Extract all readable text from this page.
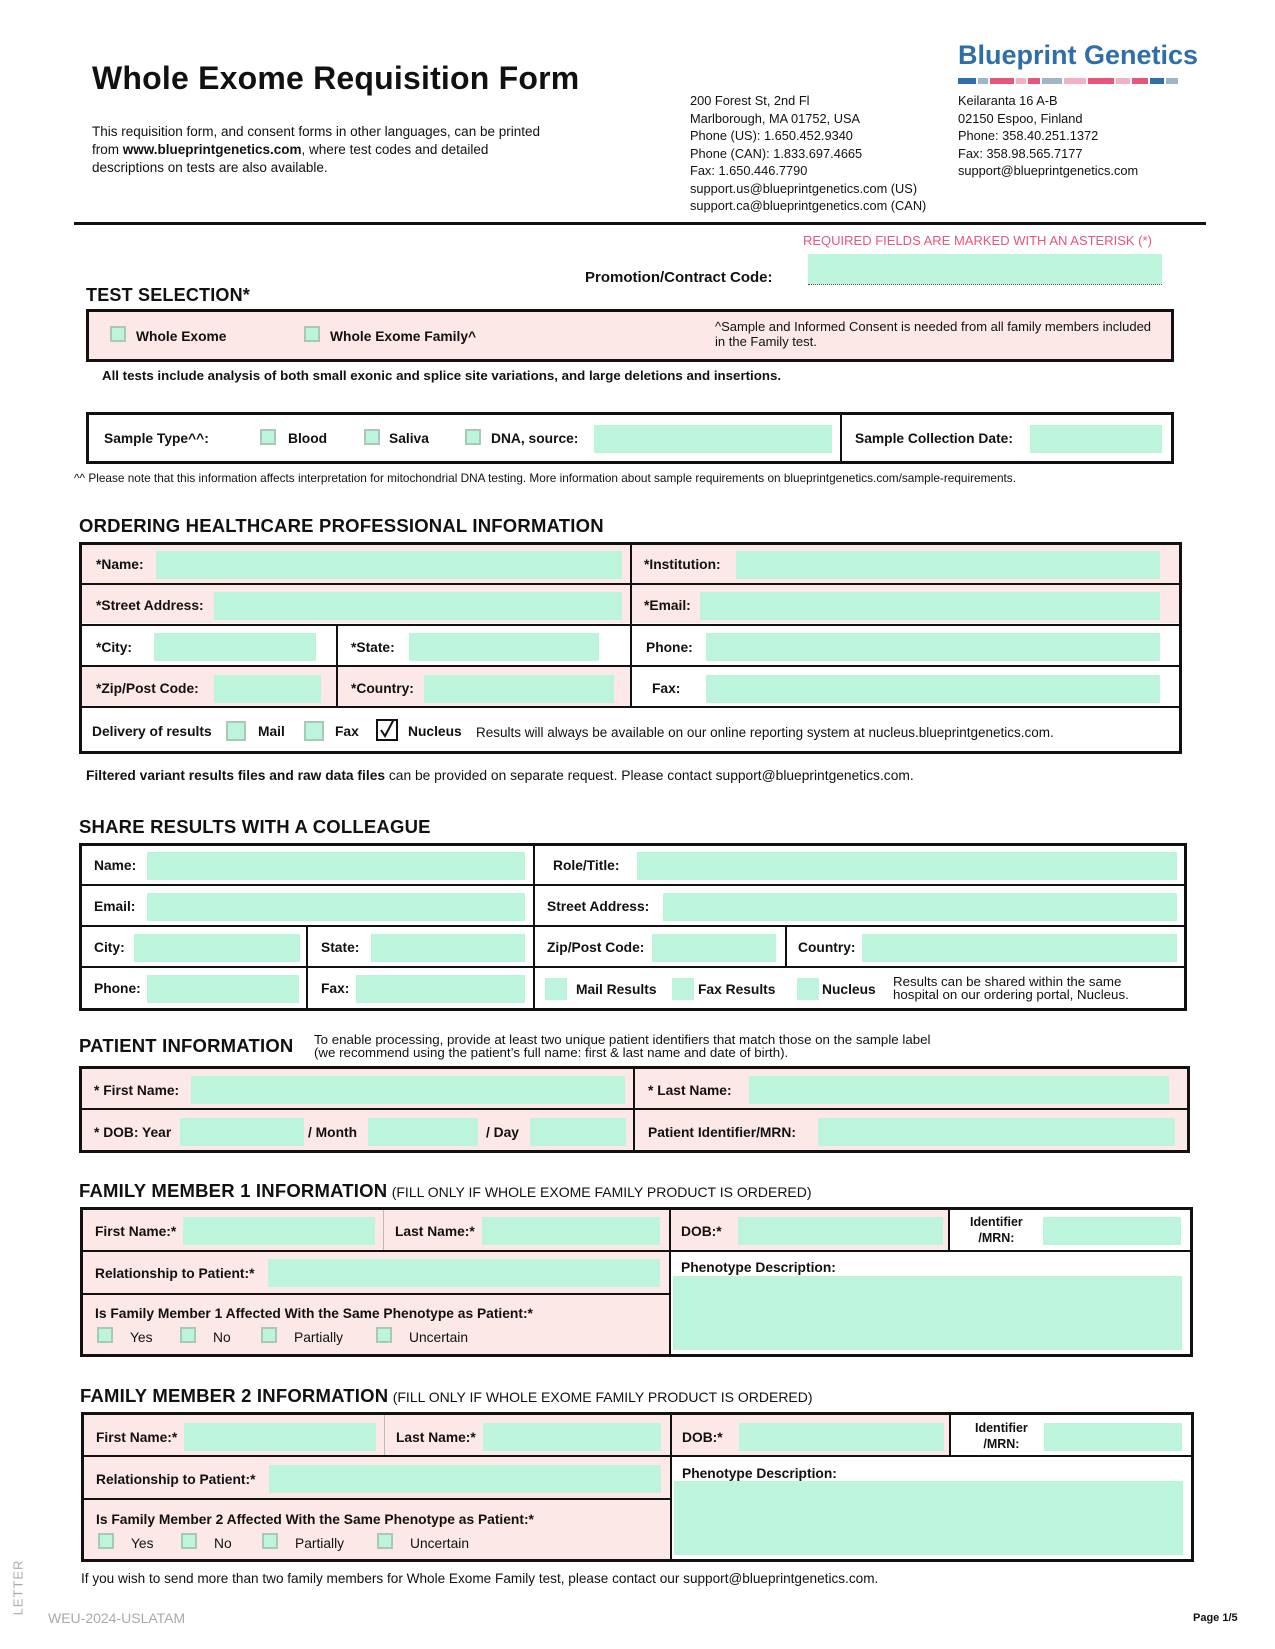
Whole Exome Requisition Form
This requisition form, and consent forms in other languages, can be printed from www.blueprintgenetics.com, where test codes and detailed descriptions on tests are also available.
200 Forest St, 2nd Fl
Marlborough, MA 01752, USA
Phone (US): 1.650.452.9340
Phone (CAN): 1.833.697.4665
Fax: 1.650.446.7790
support.us@blueprintgenetics.com (US)
support.ca@blueprintgenetics.com (CAN)
Keilaranta 16 A-B
02150 Espoo, Finland
Phone: 358.40.251.1372
Fax: 358.98.565.7177
support@blueprintgenetics.com
Blueprint Genetics
REQUIRED FIELDS ARE MARKED WITH AN ASTERISK (*)
Promotion/Contract Code:
TEST SELECTION*
Whole Exome	Whole Exome Family^
^Sample and Informed Consent is needed from all family members included in the Family test.
All tests include analysis of both small exonic and splice site variations, and large deletions and insertions.
Sample Type^^:	Blood	Saliva	DNA, source:	Sample Collection Date:
^^ Please note that this information affects interpretation for mitochondrial DNA testing. More information about sample requirements on blueprintgenetics.com/sample-requirements.
ORDERING HEALTHCARE PROFESSIONAL INFORMATION
*Name:	*Institution:
*Street Address:	*Email:
*City:	*State:	Phone:
*Zip/Post Code:	*Country:	Fax:
Delivery of results	Mail	Fax	Nucleus Results will always be available on our online reporting system at nucleus.blueprintgenetics.com.
Filtered variant results files and raw data files can be provided on separate request. Please contact support@blueprintgenetics.com.
SHARE RESULTS WITH A COLLEAGUE
Name:	Role/Title:
Email:	Street Address:
City:	State:	Zip/Post Code:	Country:
Phone:	Fax:	Mail Results	Fax Results	Nucleus
Results can be shared within the same
hospital on our ordering portal, Nucleus.
PATIENT INFORMATION To enable processing, provide at least two unique patient identifiers that match those on the sample label
(we recommend using the patient’s full name: first & last name and date of birth).
* First Name:	* Last Name:
* DOB: Year	/ Month	/ Day	Patient Identifier/MRN:
FAMILY MEMBER 1 INFORMATION (FILL ONLY IF WHOLE EXOME FAMILY PRODUCT IS ORDERED)
First Name:*	Last Name:*	DOB:*
Identifier
/MRN:
Relationship to Patient:*	Phenotype Description:
Is Family Member 1 Affected With the Same Phenotype as Patient:*
Yes	No	Partially	Uncertain
FAMILY MEMBER 2 INFORMATION (FILL ONLY IF WHOLE EXOME FAMILY PRODUCT IS ORDERED)
First Name:*	Last Name:*	DOB:*
Identifier
/MRN:
Relationship to Patient:*	Phenotype Description:
Is Family Member 2 Affected With the Same Phenotype as Patient:*
Yes	No	Partially	Uncertain
If you wish to send more than two family members for Whole Exome Family test, please contact our support@blueprintgenetics.com.
LETTER
WEU-2024-USLATAM	Page 1/5
